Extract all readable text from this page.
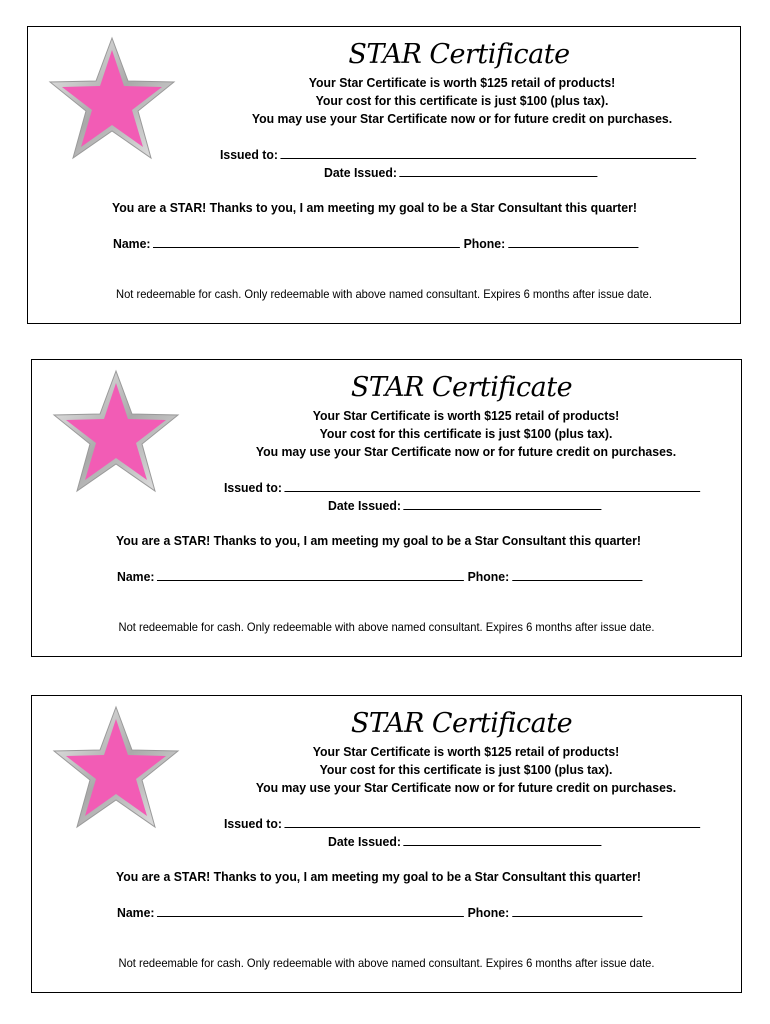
STAR Certificate
Your Star Certificate is worth $125 retail of products!
Your cost for this certificate is just $100 (plus tax).
You may use your Star Certificate now or for future credit on purchases.
Issued to:
Date Issued:
You are a STAR! Thanks to you, I am meeting my goal to be a Star Consultant this quarter!
Name:	Phone:
Not redeemable for cash. Only redeemable with above named consultant. Expires 6 months after issue date.
STAR Certificate
Your Star Certificate is worth $125 retail of products!
Your cost for this certificate is just $100 (plus tax).
You may use your Star Certificate now or for future credit on purchases.
Issued to:
Date Issued:
You are a STAR! Thanks to you, I am meeting my goal to be a Star Consultant this quarter!
Name:	Phone:
Not redeemable for cash. Only redeemable with above named consultant. Expires 6 months after issue date.
STAR Certificate
Your Star Certificate is worth $125 retail of products!
Your cost for this certificate is just $100 (plus tax).
You may use your Star Certificate now or for future credit on purchases.
Issued to:
Date Issued:
You are a STAR! Thanks to you, I am meeting my goal to be a Star Consultant this quarter!
Name:	Phone:
Not redeemable for cash. Only redeemable with above named consultant. Expires 6 months after issue date.
